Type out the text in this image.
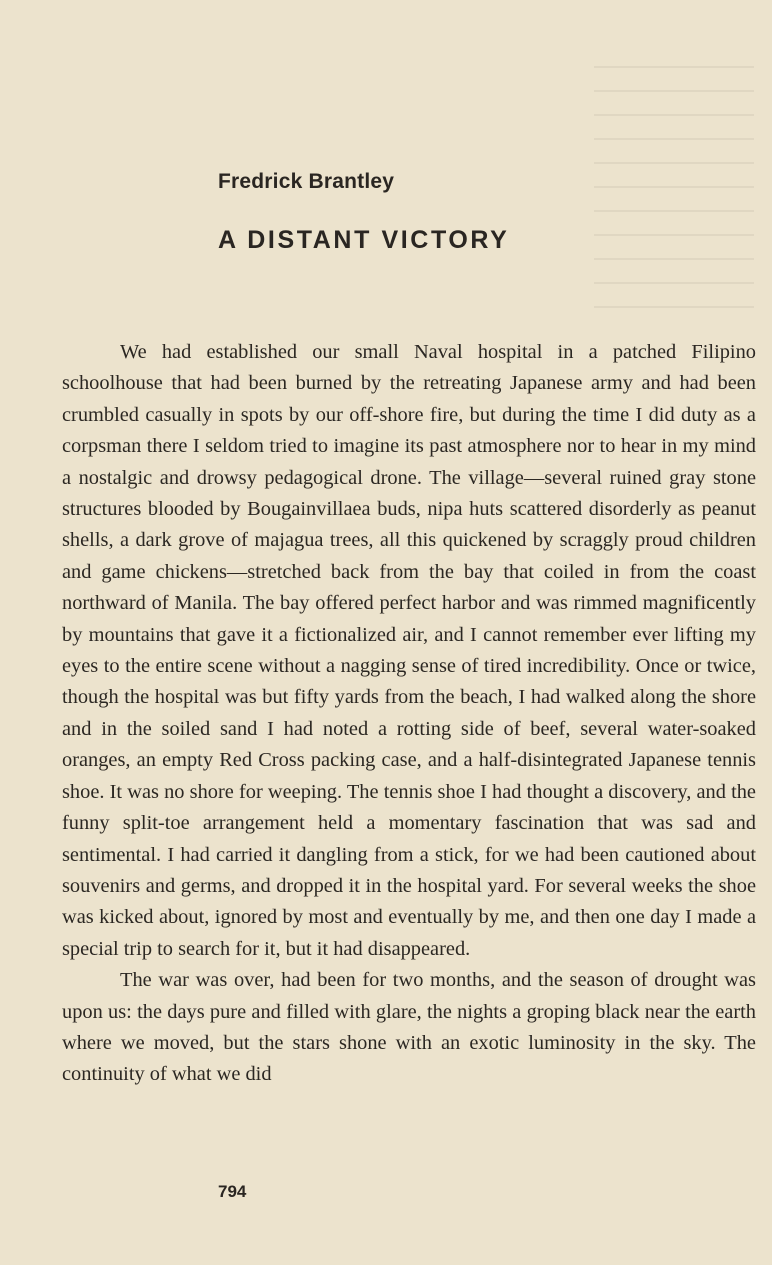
Fredrick Brantley
A DISTANT VICTORY

We had established our small Naval hospital in a patched Filipino schoolhouse that had been burned by the retreating Japanese army and had been crumbled casually in spots by our off-shore fire, but during the time I did duty as a corpsman there I seldom tried to imagine its past atmosphere nor to hear in my mind a nostalgic and drowsy pedagogical drone. The village—several ruined gray stone structures blooded by Bougainvillaea buds, nipa huts scattered disorderly as peanut shells, a dark grove of majagua trees, all this quickened by scraggly proud children and game chickens—stretched back from the bay that coiled in from the coast northward of Manila. The bay offered perfect harbor and was rimmed magnificently by mountains that gave it a fictionalized air, and I cannot remember ever lifting my eyes to the entire scene without a nagging sense of tired incredibility. Once or twice, though the hospital was but fifty yards from the beach, I had walked along the shore and in the soiled sand I had noted a rotting side of beef, several water-soaked oranges, an empty Red Cross packing case, and a half-disintegrated Japanese tennis shoe. It was no shore for weeping. The tennis shoe I had thought a discovery, and the funny split-toe arrangement held a momentary fascination that was sad and sentimental. I had carried it dangling from a stick, for we had been cautioned about souvenirs and germs, and dropped it in the hospital yard. For several weeks the shoe was kicked about, ignored by most and eventually by me, and then one day I made a special trip to search for it, but it had disappeared.

The war was over, had been for two months, and the season of drought was upon us: the days pure and filled with glare, the nights a groping black near the earth where we moved, but the stars shone with an exotic luminosity in the sky. The continuity of what we did

794
